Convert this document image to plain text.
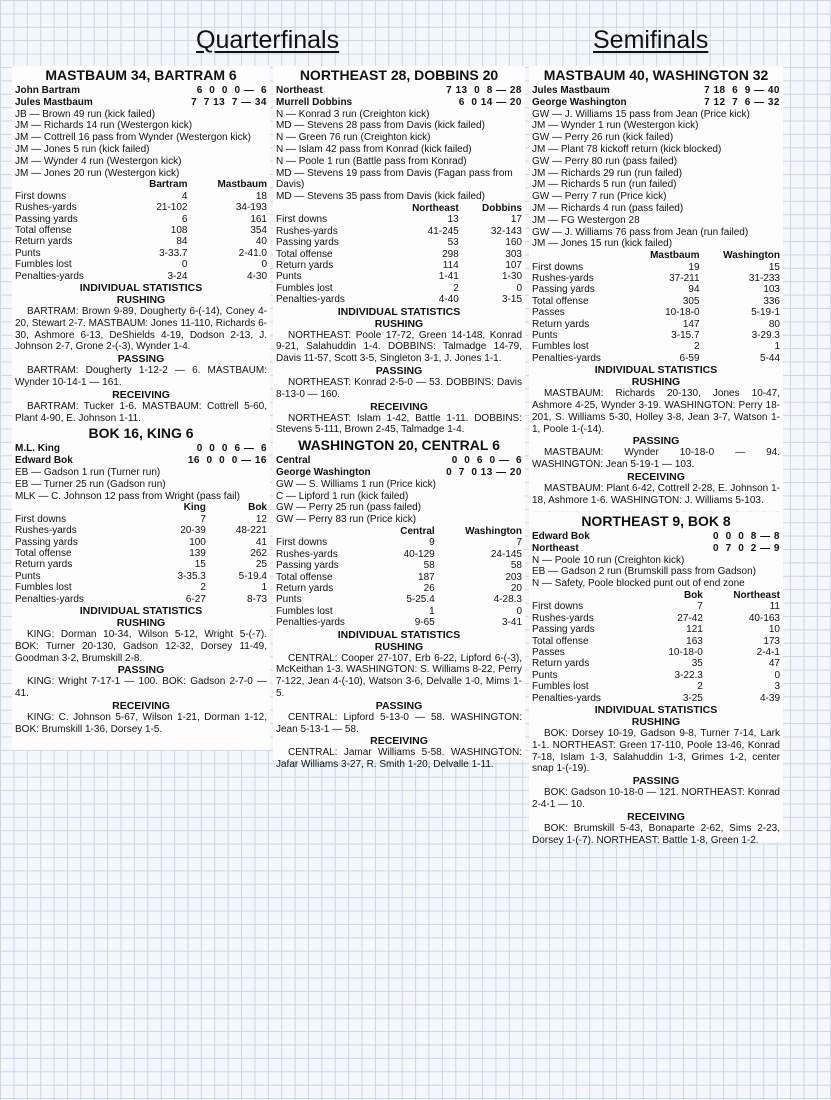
Quarterfinals	Semifinals
MASTBAUM 34, BARTRAM 6
John Bartram	6  0  0  0 —  6
Jules Mastbaum	7  7 13  7 — 34
JB — Brown 49 run (kick failed)
JM — Richards 14 run (Westergon kick)
JM — Cottrell 16 pass from Wynder (Westergon kick)
JM — Jones 5 run (kick failed)
JM — Wynder 4 run (Westergon kick)
JM — Jones 20 run (Westergon kick)
	Bartram	Mastbaum
First downs	4	18
Rushes-yards	21-102	34-193
Passing yards	6	161
Total offense	108	354
Return yards	84	40
Punts	3-33.7	2-41.0
Fumbles lost	0	0
Penalties-yards	3-24	4-30
INDIVIDUAL STATISTICS
RUSHING
BARTRAM: Brown 9-89, Dougherty 6-(-14), Coney 4-20, Stewart 2-7. MASTBAUM: Jones 11-110, Richards 6-30, Ashmore 6-13, DeShields 4-19, Dodson 2-13, J. Johnson 2-7, Grone 2-(-3), Wynder 1-4.
PASSING
BARTRAM: Dougherty 1-12-2 — 6. MASTBAUM: Wynder 10-14-1 — 161.
RECEIVING
BARTRAM: Tucker 1-6. MASTBAUM: Cottrell 5-60, Plant 4-90, E. Johnson 1-11.
BOK 16, KING 6
M.L. King	0  0  0  6 —  6
Edward Bok	16  0  0  0 — 16
EB — Gadson 1 run (Turner run)
EB — Turner 25 run (Gadson run)
MLK — C. Johnson 12 pass from Wright (pass fail)
	King	Bok
First downs	7	12
Rushes-yards	20-39	48-221
Passing yards	100	41
Total offense	139	262
Return yards	15	25
Punts	3-35.3	5-19.4
Fumbles lost	2	1
Penalties-yards	6-27	8-73
INDIVIDUAL STATISTICS
RUSHING
KING: Dorman 10-34, Wilson 5-12, Wright 5-(-7). BOK: Turner 20-130, Gadson 12-32, Dorsey 11-49, Goodman 3-2, Brumskill 2-8.
PASSING
KING: Wright 7-17-1 — 100. BOK: Gadson 2-7-0 — 41.
RECEIVING
KING: C. Johnson 5-67, Wilson 1-21, Dorman 1-12, BOK: Brumskill 1-36, Dorsey 1-5.
NORTHEAST 28, DOBBINS 20
Northeast	7 13  0  8 — 28
Murrell Dobbins	6  0 14 — 20
N — Konrad 3 run (Creighton kick)
MD — Stevens 28 pass from Davis (kick failed)
N — Green 76 run (Creighton kick)
N — Islam 42 pass from Konrad (kick failed)
N — Poole 1 run (Battle pass from Konrad)
MD — Stevens 19 pass from Davis (Fagan pass from Davis)
MD — Stevens 35 pass from Davis (kick failed)
	Northeast	Dobbins
First downs	13	17
Rushes-yards	41-245	32-143
Passing yards	53	160
Total offense	298	303
Return yards	114	107
Punts	1-41	1-30
Fumbles lost	2	0
Penalties-yards	4-40	3-15
INDIVIDUAL STATISTICS
RUSHING
NORTHEAST: Poole 17-72, Green 14-148, Konrad 9-21, Salahuddin 1-4. DOBBINS: Talmadge 14-79, Davis 11-57, Scott 3-5, Singleton 3-1, J. Jones 1-1.
PASSING
NORTHEAST: Konrad 2-5-0 — 53. DOBBINS: Davis 8-13-0 — 160.
RECEIVING
NORTHEAST: Islam 1-42, Battle 1-11. DOBBINS: Stevens 5-111, Brown 2-45, Talmadge 1-4.
WASHINGTON 20, CENTRAL 6
Central	0  0  6  0 —  6
George Washington	0  7  0 13 — 20
GW — S. Williams 1 run (Price kick)
C — Lipford 1 run (kick failed)
GW — Perry 25 run (pass failed)
GW — Perry 83 run (Price kick)
	Central	Washington
First downs	9	7
Rushes-yards	40-129	24-145
Passing yards	58	58
Total offense	187	203
Return yards	26	20
Punts	5-25.4	4-28.3
Fumbles lost	1	0
Penalties-yards	9-65	3-41
INDIVIDUAL STATISTICS
RUSHING
CENTRAL: Cooper 27-107, Erb 6-22, Lipford 6-(-3), McKeithan 1-3. WASHINGTON: S. Williams 8-22, Perry 7-122, Jean 4-(-10), Watson 3-6, Delvalle 1-0, Mims 1-5.
PASSING
CENTRAL: Lipford 5-13-0 — 58. WASHINGTON: Jean 5-13-1 — 58.
RECEIVING
CENTRAL: Jamar Williams 5-58. WASHINGTON: Jafar Williams 3-27, R. Smith 1-20, Delvalle 1-11.
MASTBAUM 40, WASHINGTON 32
Jules Mastbaum	7 18  6  9 — 40
George Washington	7 12  7  6 — 32
GW — J. Williams 15 pass from Jean (Price kick)
JM — Wynder 1 run (Westergon kick)
GW — Perry 26 run (kick failed)
JM — Plant 78 kickoff return (kick blocked)
GW — Perry 80 run (pass failed)
JM — Richards 29 run (run failed)
JM — Richards 5 run (run failed)
GW — Perry 7 run (Price kick)
JM — Richards 4 run (pass failed)
JM — FG Westergon 28
GW — J. Williams 76 pass from Jean (run failed)
JM — Jones 15 run (kick failed)
	Mastbaum	Washington
First downs	19	15
Rushes-yards	37-211	31-233
Passing yards	94	103
Total offense	305	336
Passes	10-18-0	5-19-1
Return yards	147	80
Punts	3-15.7	3-29.3
Fumbles lost	2	1
Penalties-yards	6-59	5-44
INDIVIDUAL STATISTICS
RUSHING
MASTBAUM: Richards 20-130, Jones 10-47, Ashmore 4-25, Wynder 3-19. WASHINGTON: Perry 18-201, S. Williams 5-30, Holley 3-8, Jean 3-7, Watson 1-1, Poole 1-(-14).
PASSING
MASTBAUM: Wynder 10-18-0 — 94. WASHINGTON: Jean 5-19-1 — 103.
RECEIVING
MASTBAUM: Plant 6-42, Cottrell 2-28, E. Johnson 1-18, Ashmore 1-6. WASHINGTON: J. Williams 5-103.
NORTHEAST 9, BOK 8
Edward Bok	0  0  0  8 — 8
Northeast	0  7  0  2 — 9
N — Poole 10 run (Creighton kick)
EB — Gadson 2 run (Brumskill pass from Gadson)
N — Safety, Poole blocked punt out of end zone
	Bok	Northeast
First downs	7	11
Rushes-yards	27-42	40-163
Passing yards	121	10
Total offense	163	173
Passes	10-18-0	2-4-1
Return yards	35	47
Punts	3-22.3	0
Fumbles lost	2	3
Penalties-yards	3-25	4-39
INDIVIDUAL STATISTICS
RUSHING
BOK: Dorsey 10-19, Gadson 9-8, Turner 7-14, Lark 1-1. NORTHEAST: Green 17-110, Poole 13-46, Konrad 7-18, Islam 1-3, Salahuddin 1-3, Grimes 1-2, center snap 1-(-19).
PASSING
BOK: Gadson 10-18-0 — 121. NORTHEAST: Konrad 2-4-1 — 10.
RECEIVING
BOK: Brumskill 5-43, Bonaparte 2-62, Sims 2-23, Dorsey 1-(-7). NORTHEAST: Battle 1-8, Green 1-2.
